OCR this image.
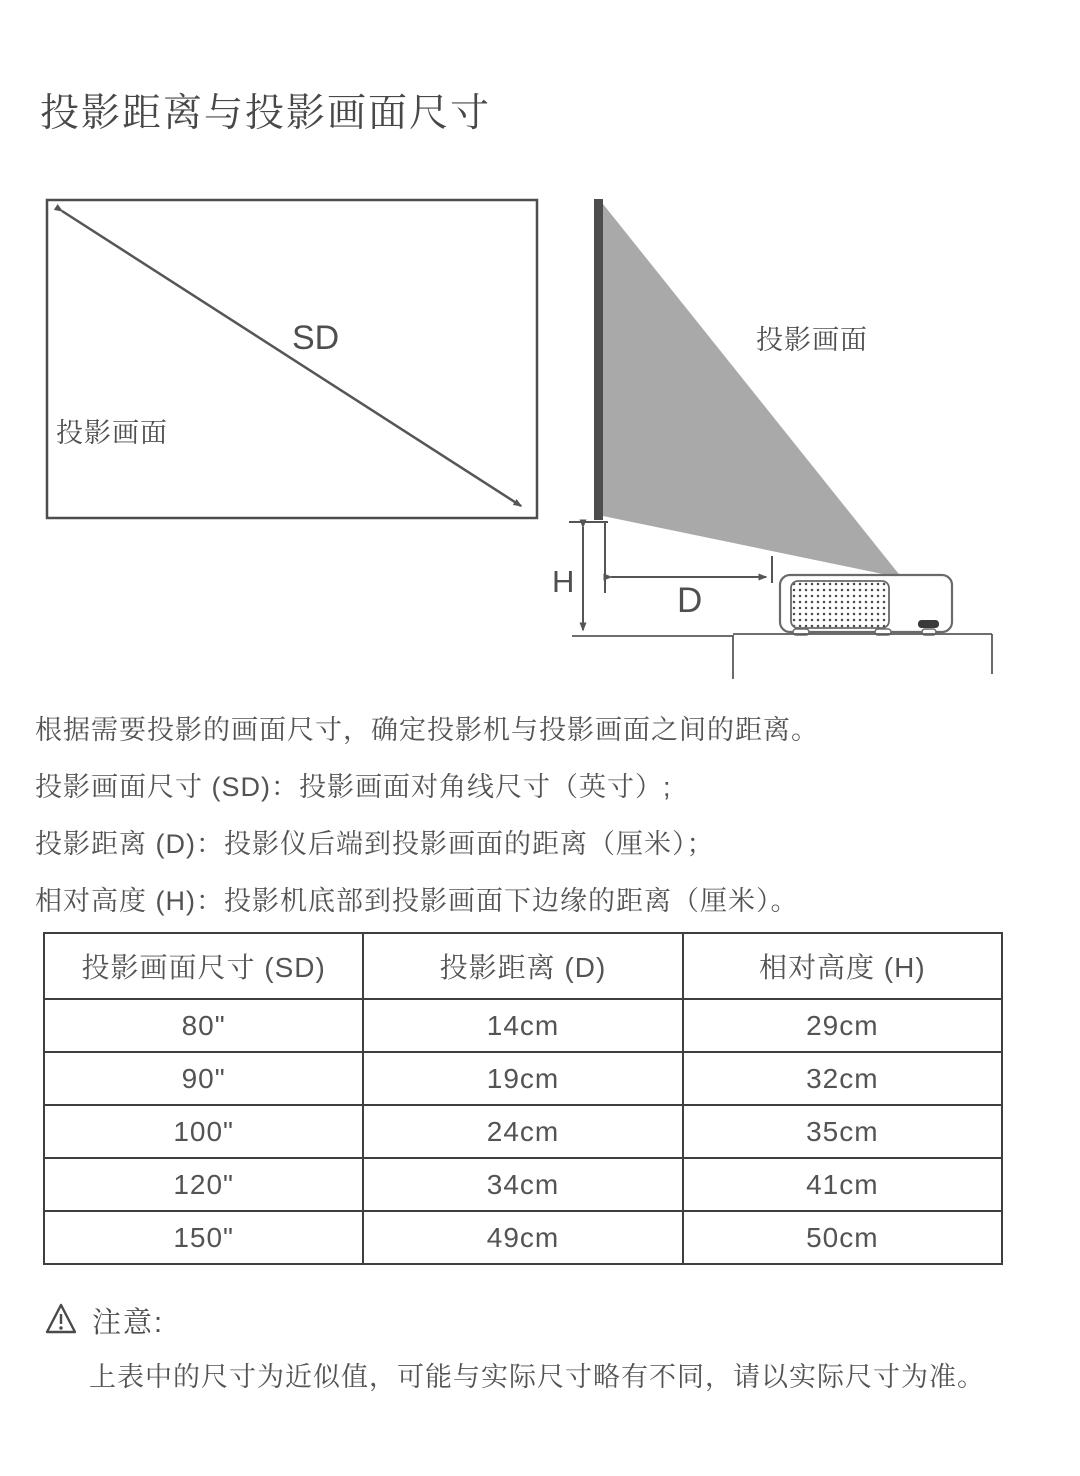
投影距离与投影画面尺寸
SD
投影画面
投影画面
H	D
根据需要投影的画面尺寸，确定投影机与投影画面之间的距离。
投影画面尺寸 (SD)：投影画面对角线尺寸（英寸）;
投影距离 (D)：投影仪后端到投影画面的距离（厘米）；
相对高度 (H)：投影机底部到投影画面下边缘的距离（厘米）。
投影画面尺寸 (SD)	投影距离 (D)	相对高度 (H)
80"	14cm	29cm
90"	19cm	32cm
100"	24cm	35cm
120"	34cm	41cm
150"	49cm	50cm
注意:
上表中的尺寸为近似值，可能与实际尺寸略有不同，请以实际尺寸为准。
